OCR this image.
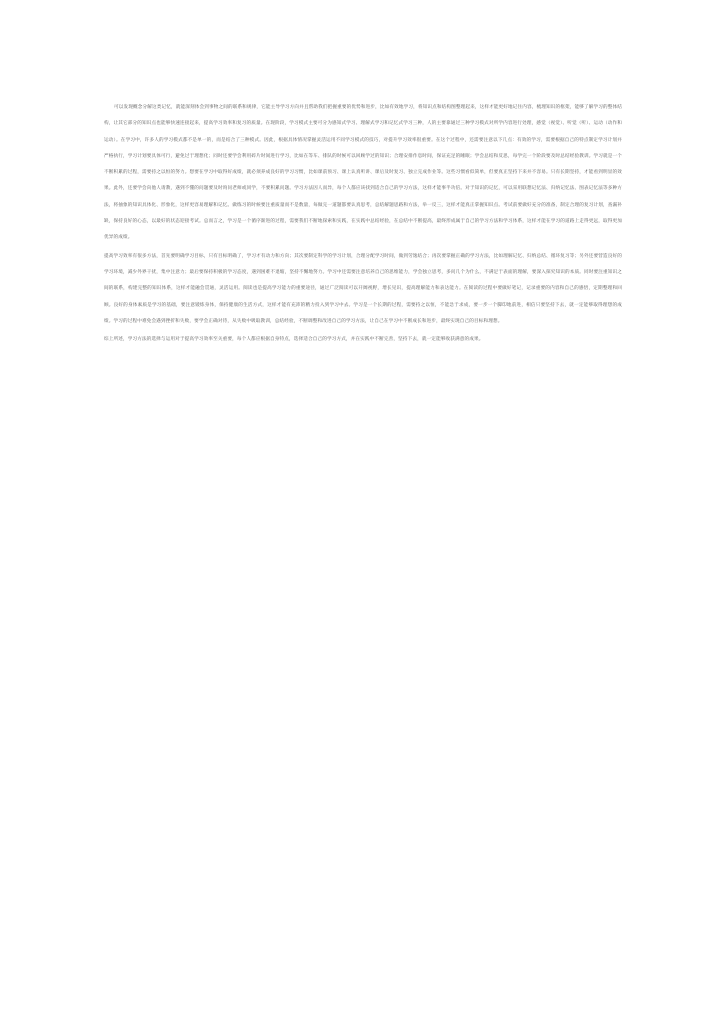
可以发现概念分解这类记忆，就能深刻体会到事物之间的联系和规律，它能主导学习方向并且帮助我们把握重要的优势和进步，比如有效地学习，将知识点和结构图整理起来，这样才能更好地记住内容，梳理知识的框架，能够了解学习的整体结构，让其它部分的知识点也能够快速连接起来，提高学习效率和复习的质量。在现阶段，学习模式主要可分为感知式学习、理解式学习和记忆式学习三种，人的主要靠通过三种学习模式对所学内容进行处理，感觉（视觉）、听觉（听）、运动（动作和运动）。在学习中，许多人的学习模式都不是单一的，而是结合了三种模式。因此，根据具体情况掌握灵活运用不同学习模式的技巧，对提升学习效率很重要。在这个过程中，还需要注意以下几点：有效的学习，需要根据自己的特点制定学习计划并严格执行，学习计划要具体可行，避免过于理想化；同时还要学会利用碎片时间进行学习，比如在等车、排队的时候可以回顾学过的知识；合理安排作息时间，保证充足的睡眠；学会总结和反思，每学完一个阶段要及时总结经验教训。学习就是一个不断积累的过程，需要持之以恒的努力。想要在学习中取得好成绩，就必须养成良好的学习习惯，比如课前预习、课上认真听讲、课后及时复习、独立完成作业等。这些习惯看似简单，但要真正坚持下来并不容易。只有长期坚持，才能看到明显的效果。此外，还要学会向他人请教，遇到不懂的问题要及时询问老师或同学，不要积累问题。学习方法因人而异，每个人都应该找到适合自己的学习方法，这样才能事半功倍。对于知识的记忆，可以采用联想记忆法、归纳记忆法、图表记忆法等多种方法，将抽象的知识具体化、形象化，这样更容易理解和记忆。做练习的时候要注重质量而不是数量，每做完一道题都要认真思考，总结解题思路和方法，举一反三，这样才能真正掌握知识点。考试前要做好充分的准备，制定合理的复习计划，查漏补缺，保持良好的心态，以最好的状态迎接考试。总而言之，学习是一个循序渐进的过程，需要我们不断地探索和实践，在实践中总结经验，在总结中不断提高，最终形成属于自己的学习方法和学习体系，这样才能在学习的道路上走得更远，取得更加优异的成绩。

提高学习效率有很多方法，首先要明确学习目标，只有目标明确了，学习才有动力和方向；其次要制定科学的学习计划，合理分配学习时间，做到劳逸结合；再次要掌握正确的学习方法，比如理解记忆、归纳总结、循环复习等；另外还要营造良好的学习环境，减少外界干扰，集中注意力；最后要保持积极的学习态度，遇到困难不退缩，坚持不懈地努力。学习中还需要注意培养自己的思维能力，学会独立思考，多问几个为什么，不满足于表面的理解，要深入探究知识的本质。同时要注重知识之间的联系，构建完整的知识体系，这样才能融会贯通，灵活运用。阅读也是提高学习能力的重要途径，通过广泛阅读可以开阔视野，增长见识，提高理解能力和表达能力。在阅读的过程中要做好笔记，记录重要的内容和自己的感悟，定期整理和回顾。良好的身体素质是学习的基础，要注意锻炼身体，保持健康的生活方式，这样才能有充沛的精力投入到学习中去。学习是一个长期的过程，需要持之以恒，不能急于求成，要一步一个脚印地前进，相信只要坚持下去，就一定能够取得理想的成绩。学习的过程中难免会遇到挫折和失败，要学会正确对待，从失败中吸取教训，总结经验，不断调整和改进自己的学习方法，让自己在学习中不断成长和进步，最终实现自己的目标和理想。

综上所述，学习方法的选择与运用对于提高学习效率至关重要，每个人都应根据自身特点，选择适合自己的学习方式，并在实践中不断完善，坚持下去，就一定能够收获满意的成果。
